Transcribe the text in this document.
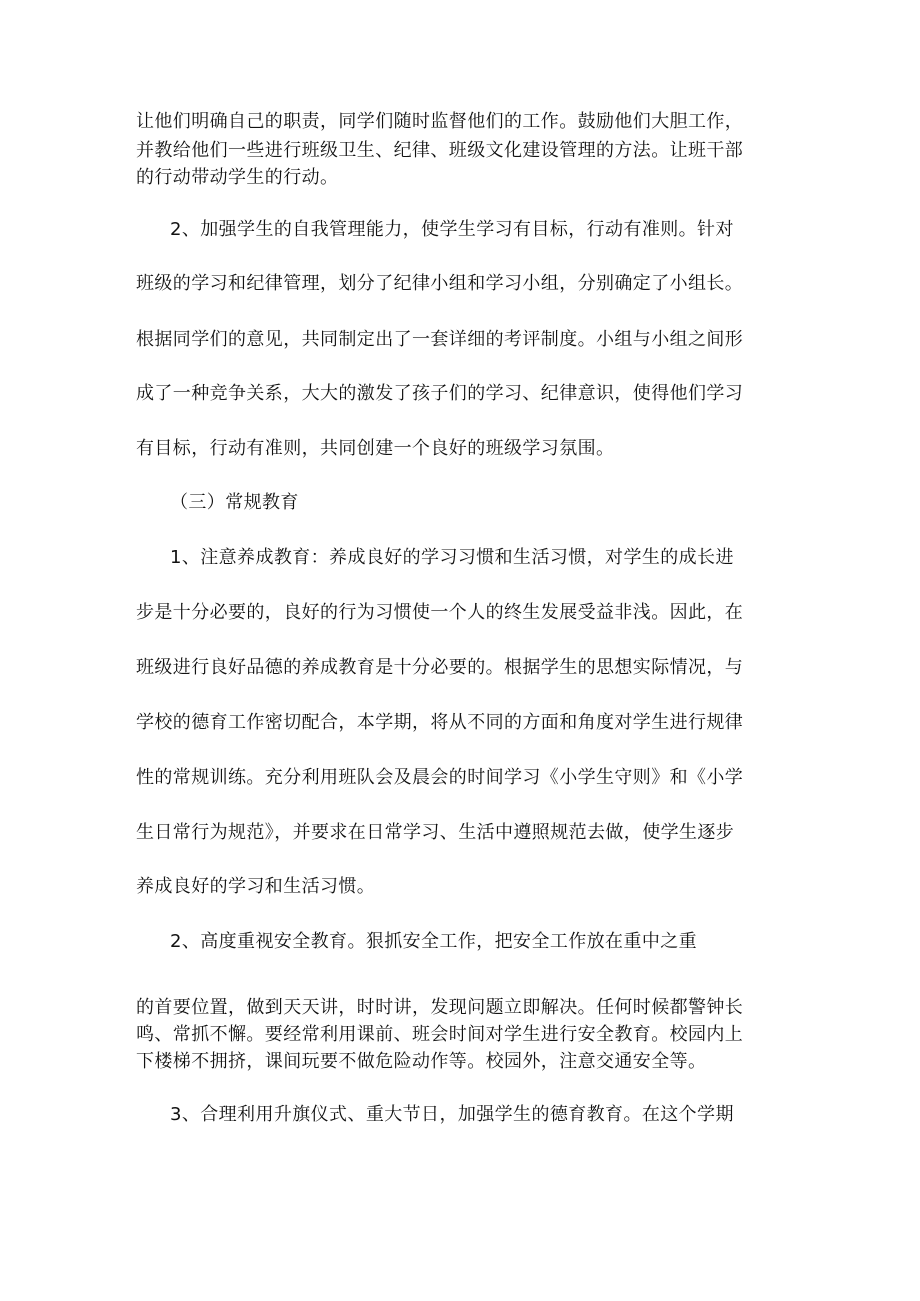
让他们明确自己的职责，同学们随时监督他们的工作。鼓励他们大胆工作，
并教给他们一些进行班级卫生、纪律、班级文化建设管理的方法。让班干部
的行动带动学生的行动。
2、加强学生的自我管理能力，使学生学习有目标，行动有准则。针对
班级的学习和纪律管理，划分了纪律小组和学习小组，分别确定了小组长。
根据同学们的意见，共同制定出了一套详细的考评制度。小组与小组之间形
成了一种竞争关系，大大的激发了孩子们的学习、纪律意识，使得他们学习
有目标，行动有准则，共同创建一个良好的班级学习氛围。
（三）常规教育
1、注意养成教育：养成良好的学习习惯和生活习惯，对学生的成长进
步是十分必要的，良好的行为习惯使一个人的终生发展受益非浅。因此，在
班级进行良好品德的养成教育是十分必要的。根据学生的思想实际情况，与
学校的德育工作密切配合，本学期，将从不同的方面和角度对学生进行规律
性的常规训练。充分利用班队会及晨会的时间学习《小学生守则》和《小学
生日常行为规范》，并要求在日常学习、生活中遵照规范去做，使学生逐步
养成良好的学习和生活习惯。
2、高度重视安全教育。狠抓安全工作，把安全工作放在重中之重
的首要位置，做到天天讲，时时讲，发现问题立即解决。任何时候都警钟长
鸣、常抓不懈。要经常利用课前、班会时间对学生进行安全教育。校园内上
下楼梯不拥挤，课间玩要不做危险动作等。校园外，注意交通安全等。
3、合理利用升旗仪式、重大节日，加强学生的德育教育。在这个学期
